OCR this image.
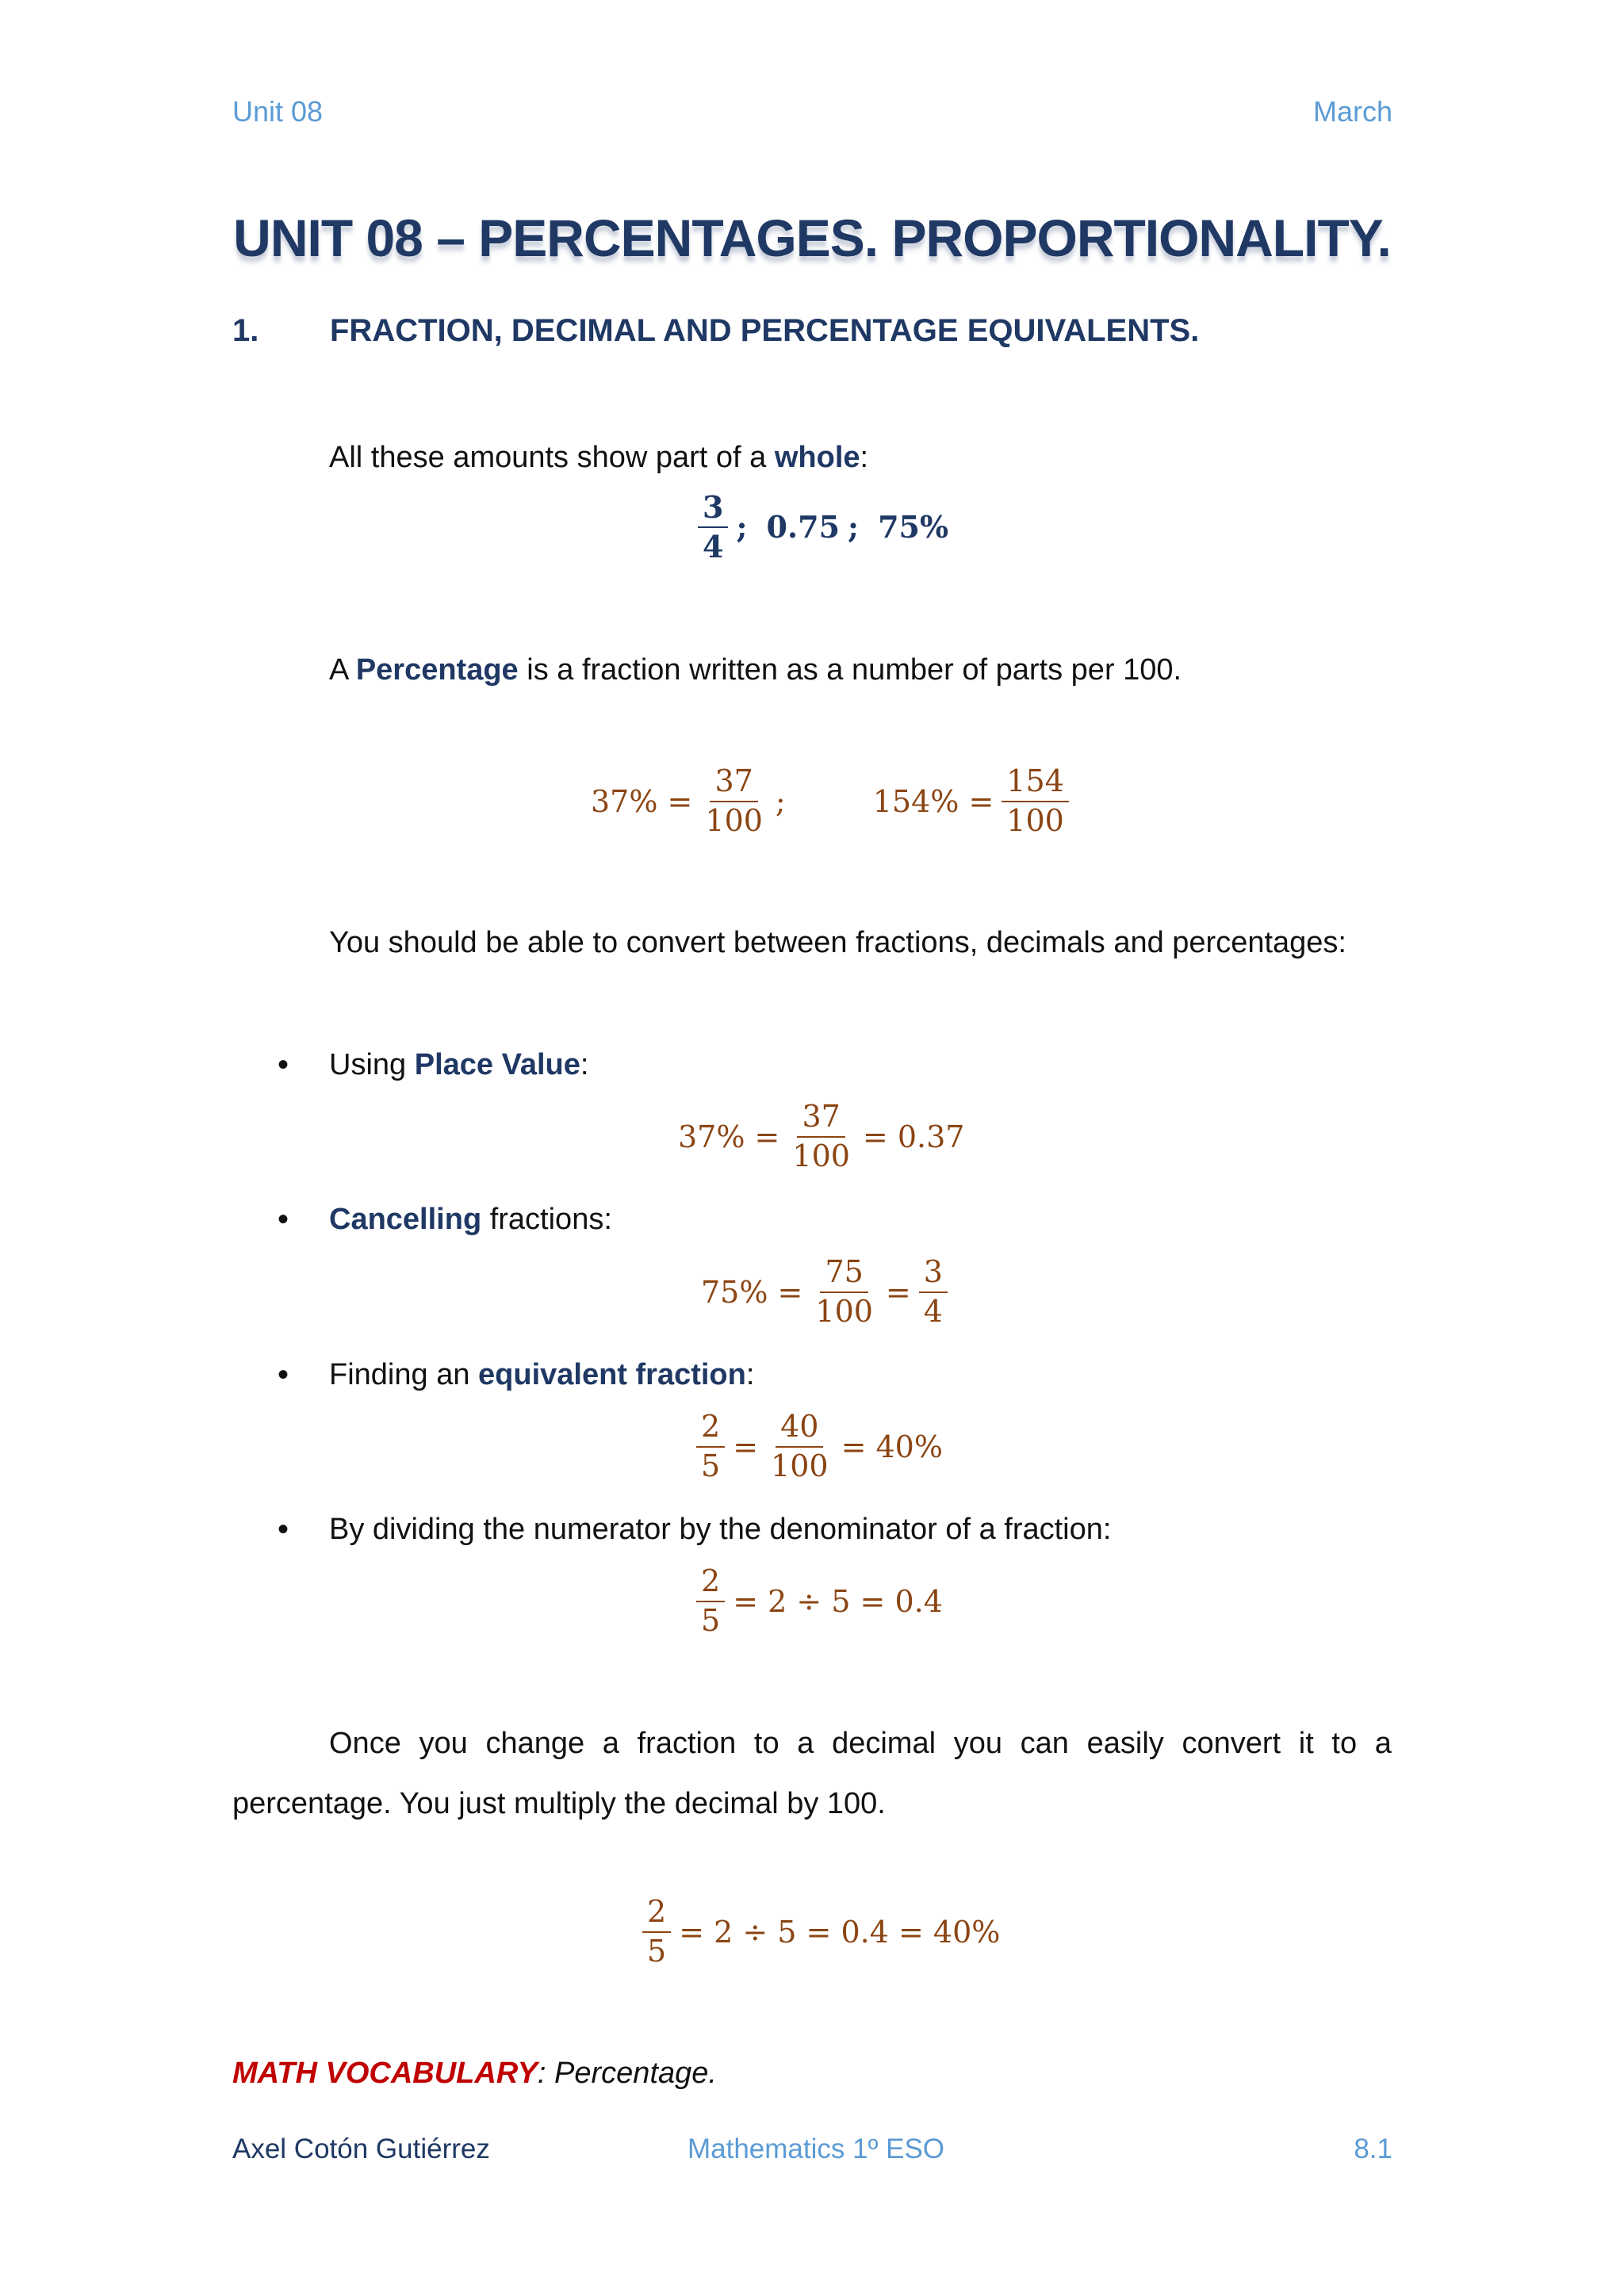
Unit 08	March
UNIT 08 – PERCENTAGES. PROPORTIONALITY.
1. FRACTION, DECIMAL AND PERCENTAGE EQUIVALENTS.
All these amounts show part of a whole:
$\frac{3}{4}$ ; 0.75 ; 75%
A Percentage is a fraction written as a number of parts per 100.
$37\% = \frac{37}{100}$ ;	$154\% = \frac{154}{100}$
You should be able to convert between fractions, decimals and percentages:
• Using Place Value:
$37\% = \frac{37}{100} = 0.37$
• Cancelling fractions:
$75\% = \frac{75}{100} = \frac{3}{4}$
• Finding an equivalent fraction:
$\frac{2}{5} = \frac{40}{100} = 40\%$
• By dividing the numerator by the denominator of a fraction:
$\frac{2}{5} = 2 \div 5 = 0.4$
Once you change a fraction to a decimal you can easily convert it to a
percentage. You just multiply the decimal by 100.
$\frac{2}{5} = 2 \div 5 = 0.4 = 40\%$
MATH VOCABULARY: Percentage.
Axel Cotón Gutiérrez	Mathematics 1º ESO	8.1
